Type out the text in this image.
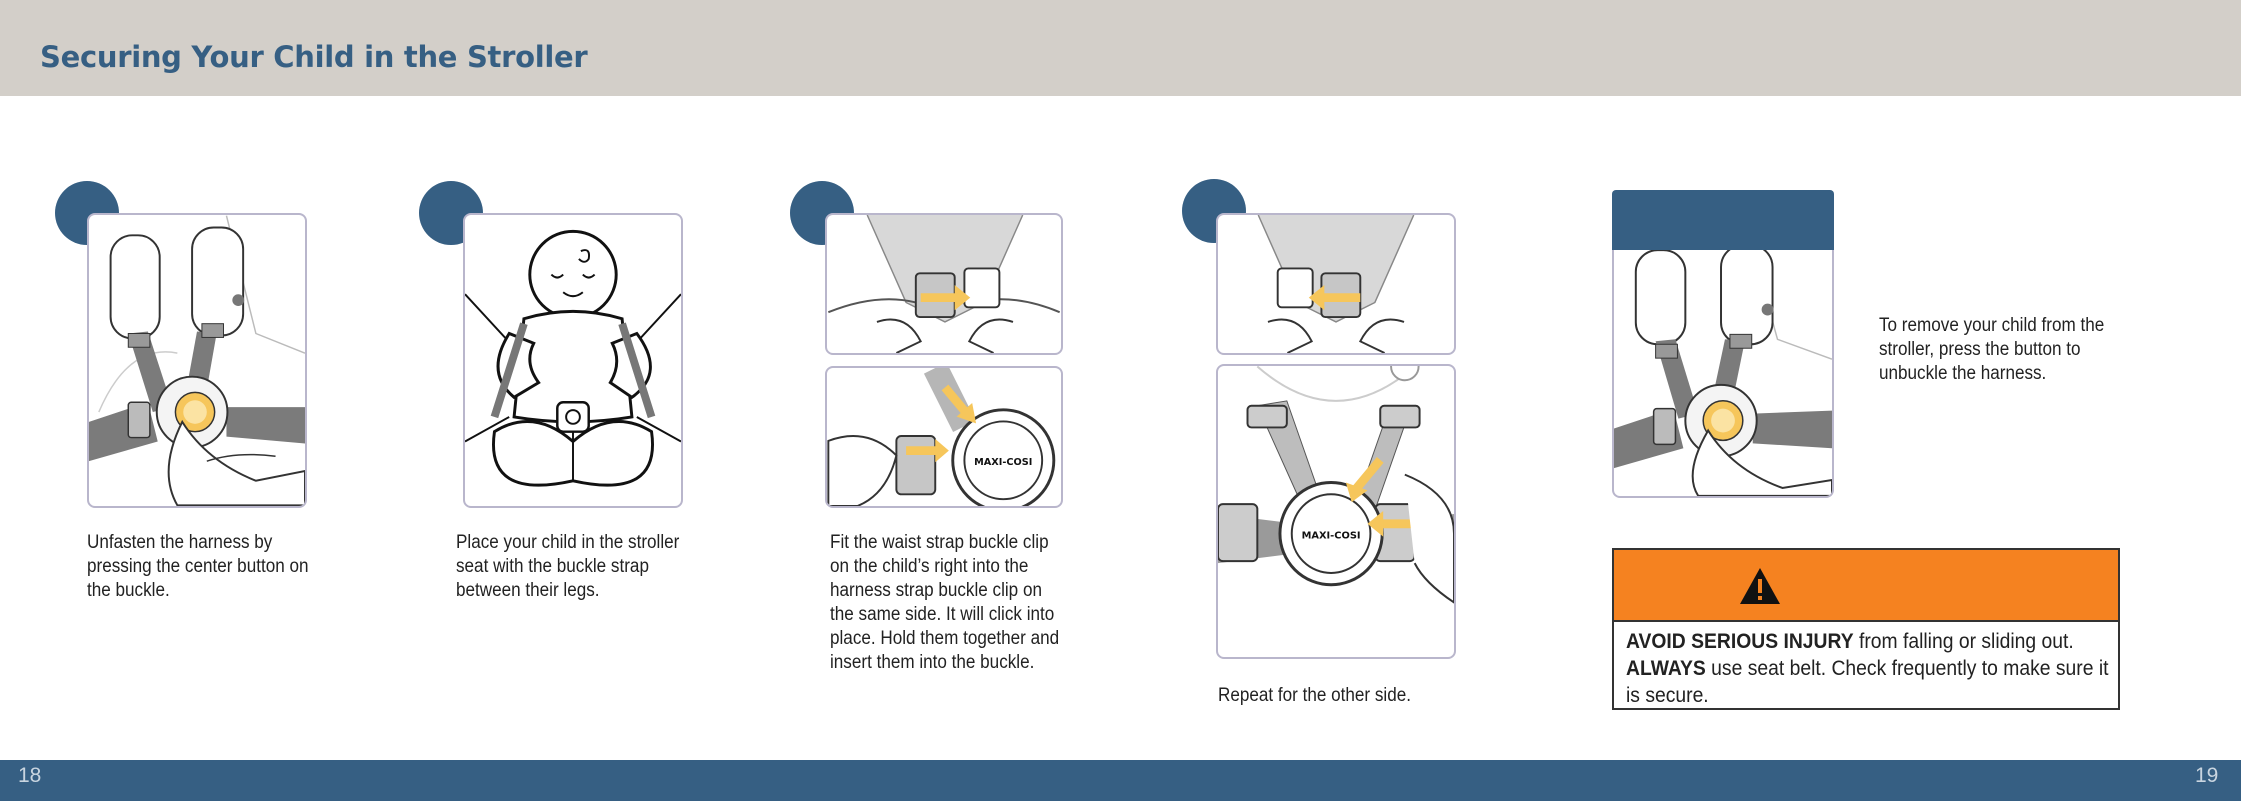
Securing Your Child in the Stroller
Unfasten the harness by
pressing the center button on
the buckle.
Place your child in the stroller
seat with the buckle strap
between their legs.
MAXI-COSI
Fit the waist strap buckle clip
on the child’s right into the
harness strap buckle clip on
the same side. It will click into
place. Hold them together and
insert them into the buckle.
MAXI-COSI
Repeat for the other side.
To remove your child from the
stroller, press the button to
unbuckle the harness.
AVOID SERIOUS INJURY from falling or sliding out.
ALWAYS use seat belt. Check frequently to make sure it is secure.
18	19
